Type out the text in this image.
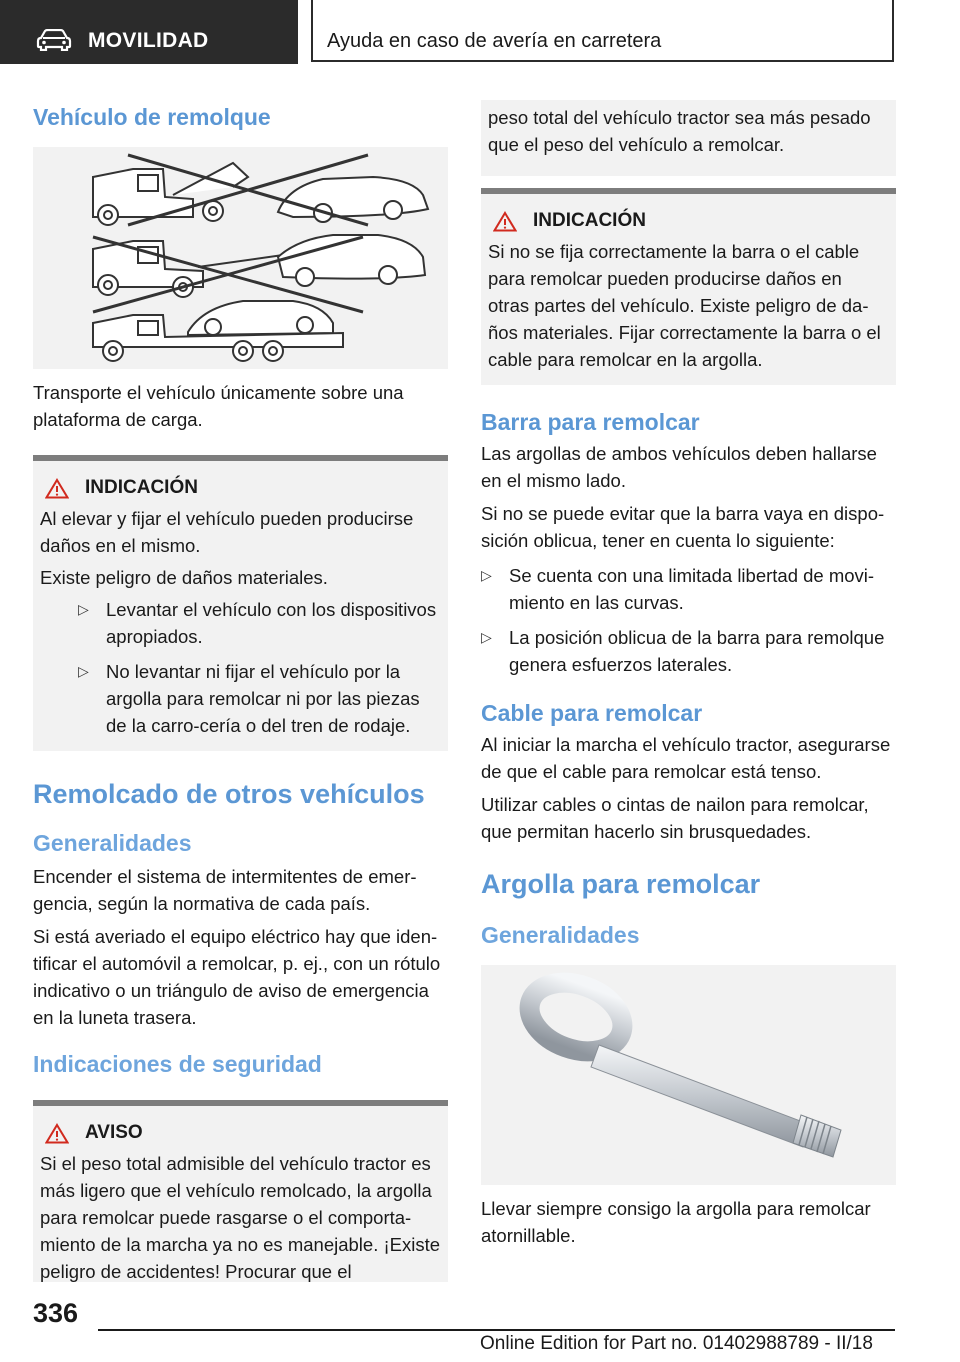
MOVILIDAD	Ayuda en caso de avería en carretera
Vehículo de remolque

Transporte el vehículo únicamente sobre una plataforma de carga.

INDICACIÓN

Al elevar y fijar el vehículo pueden producirse daños en el mismo.

Existe peligro de daños materiales.

▷ Levantar el vehículo con los dispositivos apropiados.

▷ No levantar ni fijar el vehículo por la argolla para remolcar ni por las piezas de la carro-cería o del tren de rodaje.

Remolcado de otros vehículos
Generalidades

Encender el sistema de intermitentes de emer-gencia, según la normativa de cada país.

Si está averiado el equipo eléctrico hay que iden-tificar el automóvil a remolcar, p. ej., con un rótulo indicativo o un triángulo de aviso de emergencia en la luneta trasera.

Indicaciones de seguridad
AVISO

Si el peso total admisible del vehículo tractor es más ligero que el vehículo remolcado, la argolla para remolcar puede rasgarse o el comporta-miento de la marcha ya no es manejable. ¡Existe peligro de accidentes! Procurar que el

peso total del vehículo tractor sea más pesado que el peso del vehículo a remolcar.

INDICACIÓN

Si no se fija correctamente la barra o el cable para remolcar pueden producirse daños en otras partes del vehículo. Existe peligro de da-ños materiales. Fijar correctamente la barra o el cable para remolcar en la argolla.

Barra para remolcar

Las argollas de ambos vehículos deben hallarse en el mismo lado.

Si no se puede evitar que la barra vaya en dispo-sición oblicua, tener en cuenta lo siguiente:

▷ Se cuenta con una limitada libertad de movi-miento en las curvas.

▷ La posición oblicua de la barra para remolque genera esfuerzos laterales.

Cable para remolcar

Al iniciar la marcha el vehículo tractor, asegurarse de que el cable para remolcar está tenso.

Utilizar cables o cintas de nailon para remolcar, que permitan hacerlo sin brusquedades.

Argolla para remolcar
Generalidades

Llevar siempre consigo la argolla para remolcar atornillable.

336
Online Edition for Part no. 01402988789 - II/18
